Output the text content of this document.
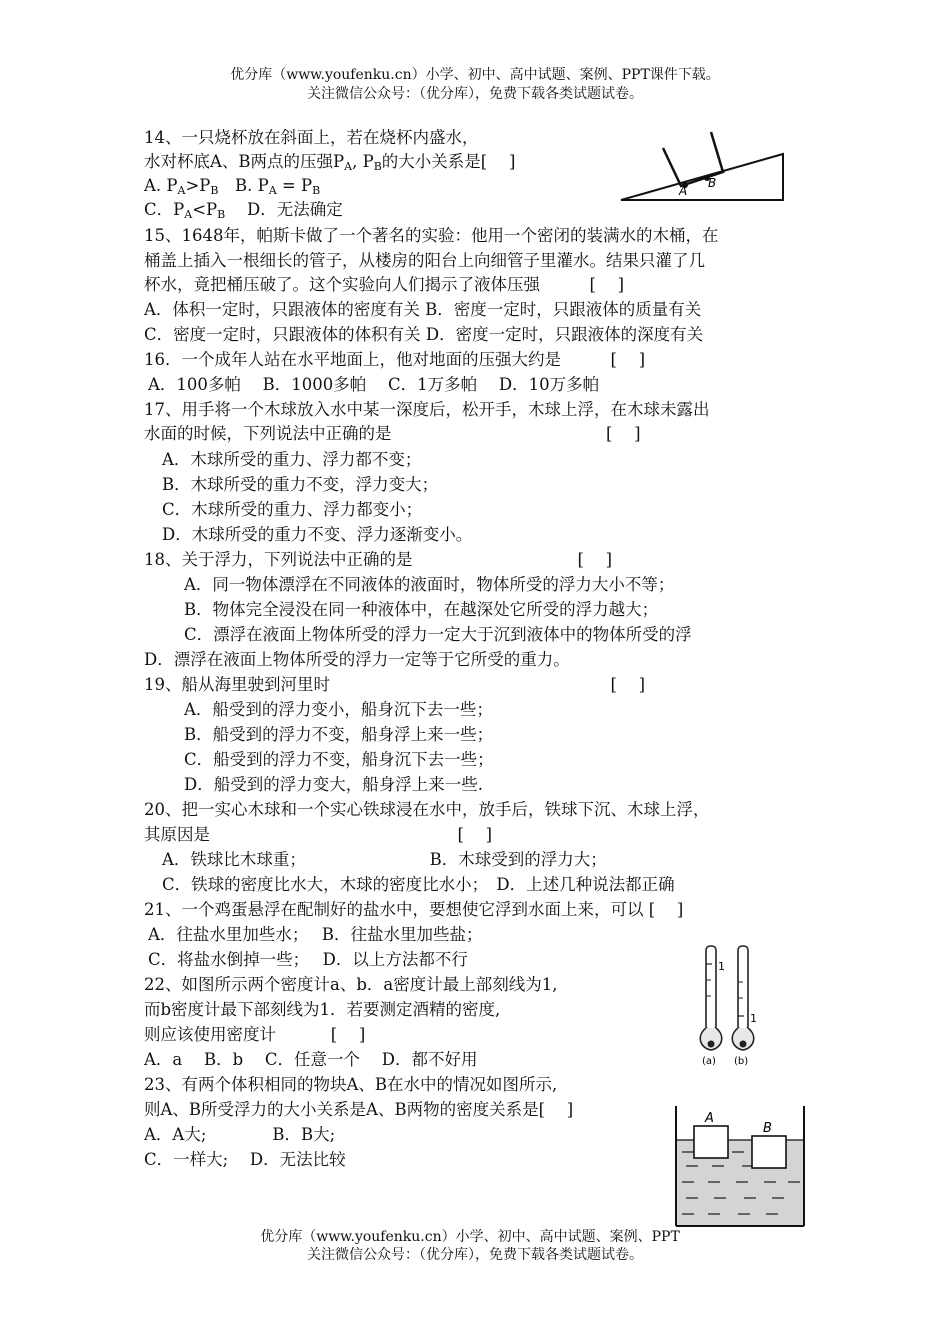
优分库（www.youfenku.cn）小学、初中、高中试题、案例、PPT课件下载。
关注微信公众号：（优分库），免费下载各类试题试卷。
14、一只烧杯放在斜面上，若在烧杯内盛水，
水对杯底A、B两点的压强$P_A$, $P_B$的大小关系是[　 ]
A. $P_A>P_B$　B. $P_A = P_B$
C．$P_A<P_B$　 D．无法确定
A
B
15、1648年，帕斯卡做了一个著名的实验：他用一个密闭的装满水的木桶，在
桶盖上插入一根细长的管子，从楼房的阳台上向细管子里灌水。结果只灌了几
杯水，竟把桶压破了。这个实验向人们揭示了液体压强　　　[　 ]
A．体积一定时，只跟液体的密度有关 B．密度一定时，只跟液体的质量有关
C．密度一定时，只跟液体的体积有关 D．密度一定时，只跟液体的深度有关
16．一个成年人站在水平地面上，他对地面的压强大约是　　　[　 ]
A．100多帕　 B．1000多帕　 C．1万多帕　 D．10万多帕
17、用手将一个木球放入水中某一深度后，松开手，木球上浮，在木球未露出
水面的时候，下列说法中正确的是　　　　　　　　　　　　　[　 ]
A．木球所受的重力、浮力都不变；
B．木球所受的重力不变，浮力变大；
C．木球所受的重力、浮力都变小；
D．木球所受的重力不变、浮力逐渐变小。
18、关于浮力，下列说法中正确的是　　　　　　　　　　[　 ]
A．同一物体漂浮在不同液体的液面时，物体所受的浮力大小不等；
B．物体完全浸没在同一种液体中，在越深处它所受的浮力越大；
C．漂浮在液面上物体所受的浮力一定大于沉到液体中的物体所受的浮
D．漂浮在液面上物体所受的浮力一定等于它所受的重力。
19、船从海里驶到河里时　　　　　　　　　　　　　　　　　[　 ]
A．船受到的浮力变小，船身沉下去一些；
B．船受到的浮力不变，船身浮上来一些；
C．船受到的浮力不变，船身沉下去一些；
D．船受到的浮力变大，船身浮上来一些.
20、把一实心木球和一个实心铁球浸在水中，放手后，铁球下沉、木球上浮，
其原因是　　　　　　　　　　　　　　　[　 ]
A．铁球比木球重；　　　　　　　　B．木球受到的浮力大；
C．铁球的密度比水大，木球的密度比水小；　D．上述几种说法都正确
21、一个鸡蛋悬浮在配制好的盐水中，要想使它浮到水面上来，可以 [　 ]
A．往盐水里加些水；　 B．往盐水里加些盐；
C．将盐水倒掉一些；　 D．以上方法都不行
22、如图所示两个密度计a、b．a密度计最上部刻线为1,
而b密度计最下部刻线为1．若要测定酒精的密度,
则应该使用密度计　　　 [　 ]
A．a　 B．b　 C．任意一个　 D．都不好用
1
(a)
1
(b)
23、有两个体积相同的物块A、B在水中的情况如图所示,
则A、B所受浮力的大小关系是A、B两物的密度关系是[　 ]
A．A大;　　　　B．B大;
C．一样大;　 D．无法比较
A
B
优分库（www.youfenku.cn）小学、初中、高中试题、案例、PPT
关注微信公众号：（优分库），免费下载各类试题试卷。
